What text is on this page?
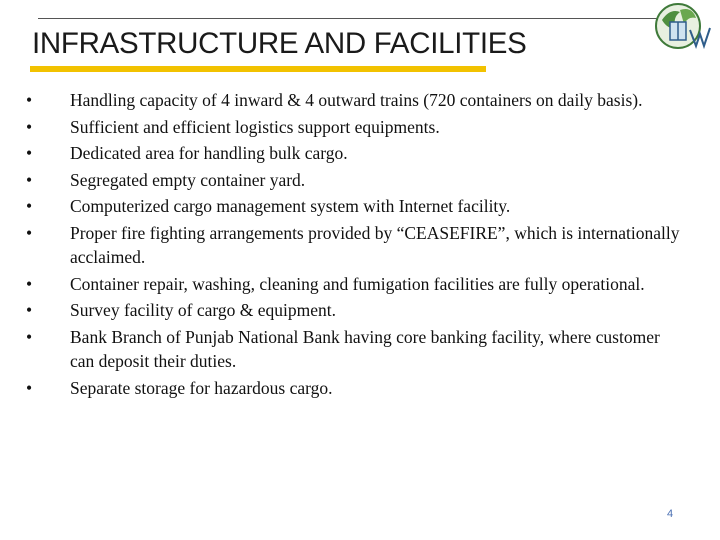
INFRASTRUCTURE AND FACILITIES
• Handling capacity of 4 inward & 4 outward trains (720 containers on daily basis).
• Sufficient and efficient logistics support equipments.
• Dedicated area for handling bulk cargo.
• Segregated empty container yard.
• Computerized cargo management system with Internet facility.
• Proper fire fighting arrangements provided by “CEASEFIRE”, which is internationally acclaimed.
• Container repair, washing, cleaning and fumigation facilities are fully operational.
• Survey facility of cargo & equipment.
• Bank Branch of Punjab National Bank having core banking facility, where customer can deposit their duties.
• Separate storage for hazardous cargo.
4
